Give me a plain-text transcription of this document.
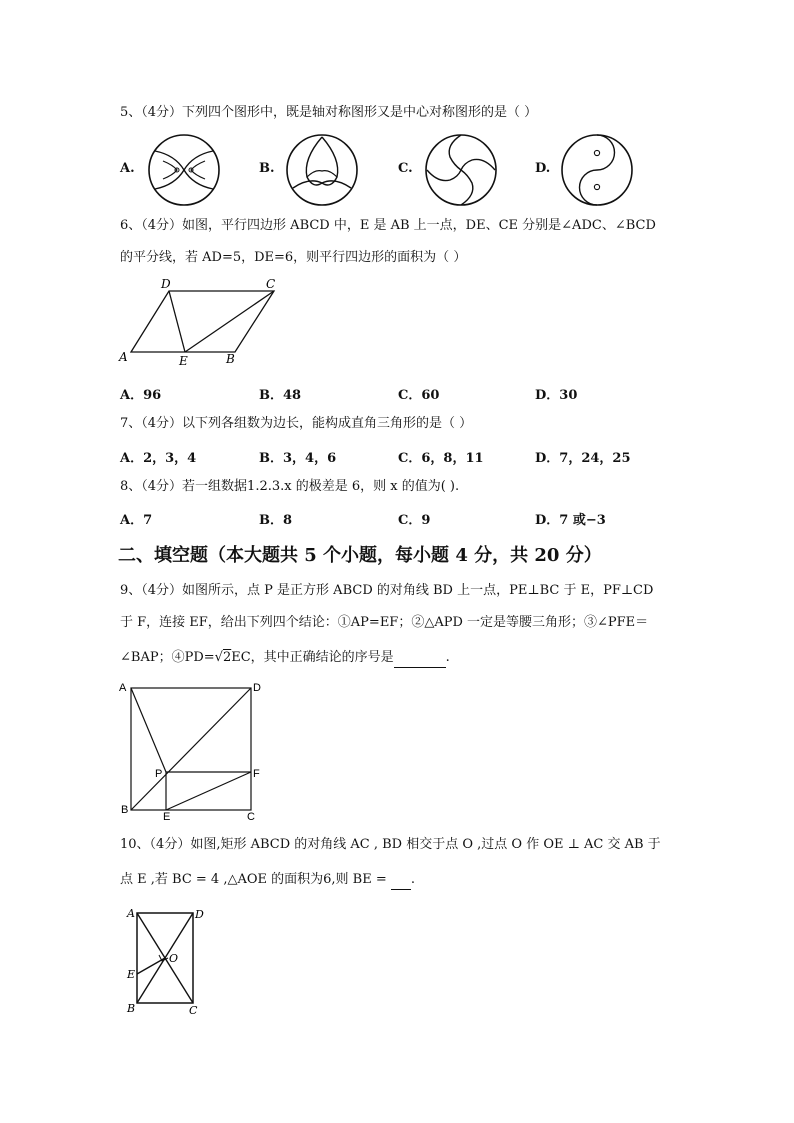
5、（4分）下列四个图形中，既是轴对称图形又是中心对称图形的是（ ）
A.	B.	C.	D.
6、（4分）如图，平行四边形 ABCD 中，E 是 AB 上一点，DE、CE 分别是∠ADC、∠BCD
的平分线，若 AD=5，DE=6，则平行四边形的面积为（ ）
D	C
A	E	B
A．96	B．48	C．60	D．30
7、（4分）以下列各组数为边长，能构成直角三角形的是（ ）
A．2，3，4	B．3，4，6	C．6，8，11	D．7，24，25
8、（4分）若一组数据1.2.3.x 的极差是 6，则 x 的值为( ).
A．7	B．8	C．9	D．7 或−3
二、填空题（本大题共 5 个小题，每小题 4 分，共 20 分）
9、（4分）如图所示，点 P 是正方形 ABCD 的对角线 BD 上一点，PE⊥BC 于 E，PF⊥CD
于 F，连接 EF，给出下列四个结论：①AP=EF；②△APD 一定是等腰三角形；③∠PFE＝
∠BAP；④PD=√2EC，其中正确结论的序号是	.
A	D
P	F
B
E	C
10、（4分）如图,矩形 ABCD 的对角线 AC , BD 相交于点 O ,过点 O 作 OE ⊥ AC 交 AB 于
点 E ,若 BC = 4 ,△AOE 的面积为6,则 BE = .
A	D
O
E
B	C
